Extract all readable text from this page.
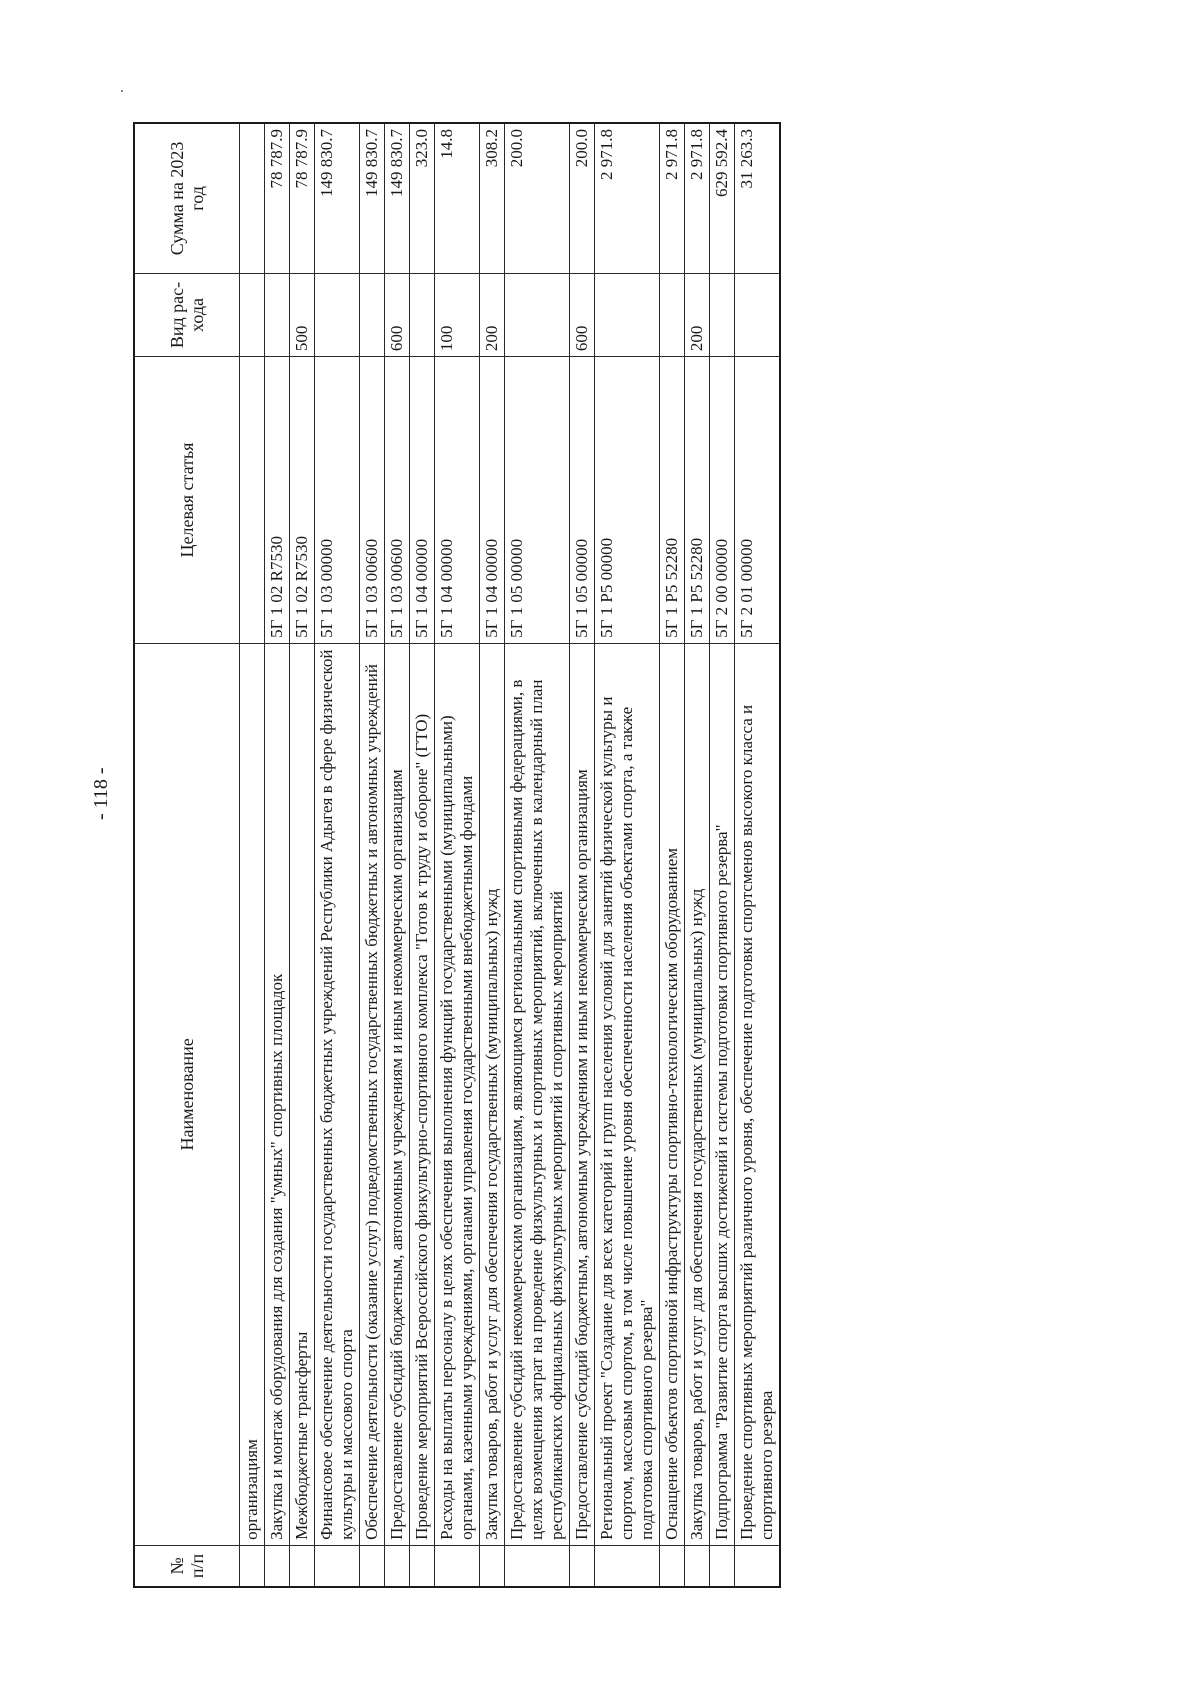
- 118 -
№ п/п	Наименование	Целевая статья	Вид рас- хода	Сумма на 2023 год
	организациям			
	Закупка и монтаж оборудования для создания "умных" спортивных площадок	5Г 1 02 R7530		78 787.9
	Межбюджетные трансферты	5Г 1 02 R7530	500	78 787.9
	Финансовое обеспечение деятельности государственных бюджетных учреждений Республики Адыгея в сфере физической культуры и массового спорта	5Г 1 03 00000		149 830.7
	Обеспечение деятельности (оказание услуг) подведомственных государственных бюджетных и автономных учреждений	5Г 1 03 00600		149 830.7
	Предоставление субсидий бюджетным, автономным учреждениям и иным некоммерческим организациям	5Г 1 03 00600	600	149 830.7
	Проведение мероприятий Всероссийского физкультурно-спортивного комплекса "Готов к труду и обороне" (ГТО)	5Г 1 04 00000		323.0
	Расходы на выплаты персоналу в целях обеспечения выполнения функций государственными (муниципальными) органами, казенными учреждениями, органами управления государственными внебюджетными фондами	5Г 1 04 00000	100	14.8
	Закупка товаров, работ и услуг для обеспечения государственных (муниципальных) нужд	5Г 1 04 00000	200	308.2
	Предоставление субсидий некоммерческим организациям, являющимся региональными спортивными федерациями, в целях возмещения затрат на проведение физкультурных и спортивных мероприятий, включенных в календарный план республиканских официальных физкультурных мероприятий и спортивных мероприятий	5Г 1 05 00000		200.0
	Предоставление субсидий бюджетным, автономным учреждениям и иным некоммерческим организациям	5Г 1 05 00000	600	200.0
	Региональный проект "Создание для всех категорий и групп населения условий для занятий физической культуры и спортом, массовым спортом, в том числе повышение уровня обеспеченности населения объектами спорта, а также подготовка спортивного резерва"	5Г 1 P5 00000		2 971.8
	Оснащение объектов спортивной инфраструктуры спортивно-технологическим оборудованием	5Г 1 P5 52280		2 971.8
	Закупка товаров, работ и услуг для обеспечения государственных (муниципальных) нужд	5Г 1 P5 52280	200	2 971.8
	Подпрограмма "Развитие спорта высших достижений и системы подготовки спортивного резерва"	5Г 2 00 00000		629 592.4
	Проведение спортивных мероприятий различного уровня, обеспечение подготовки спортсменов высокого класса и спортивного резерва	5Г 2 01 00000		31 263.3
